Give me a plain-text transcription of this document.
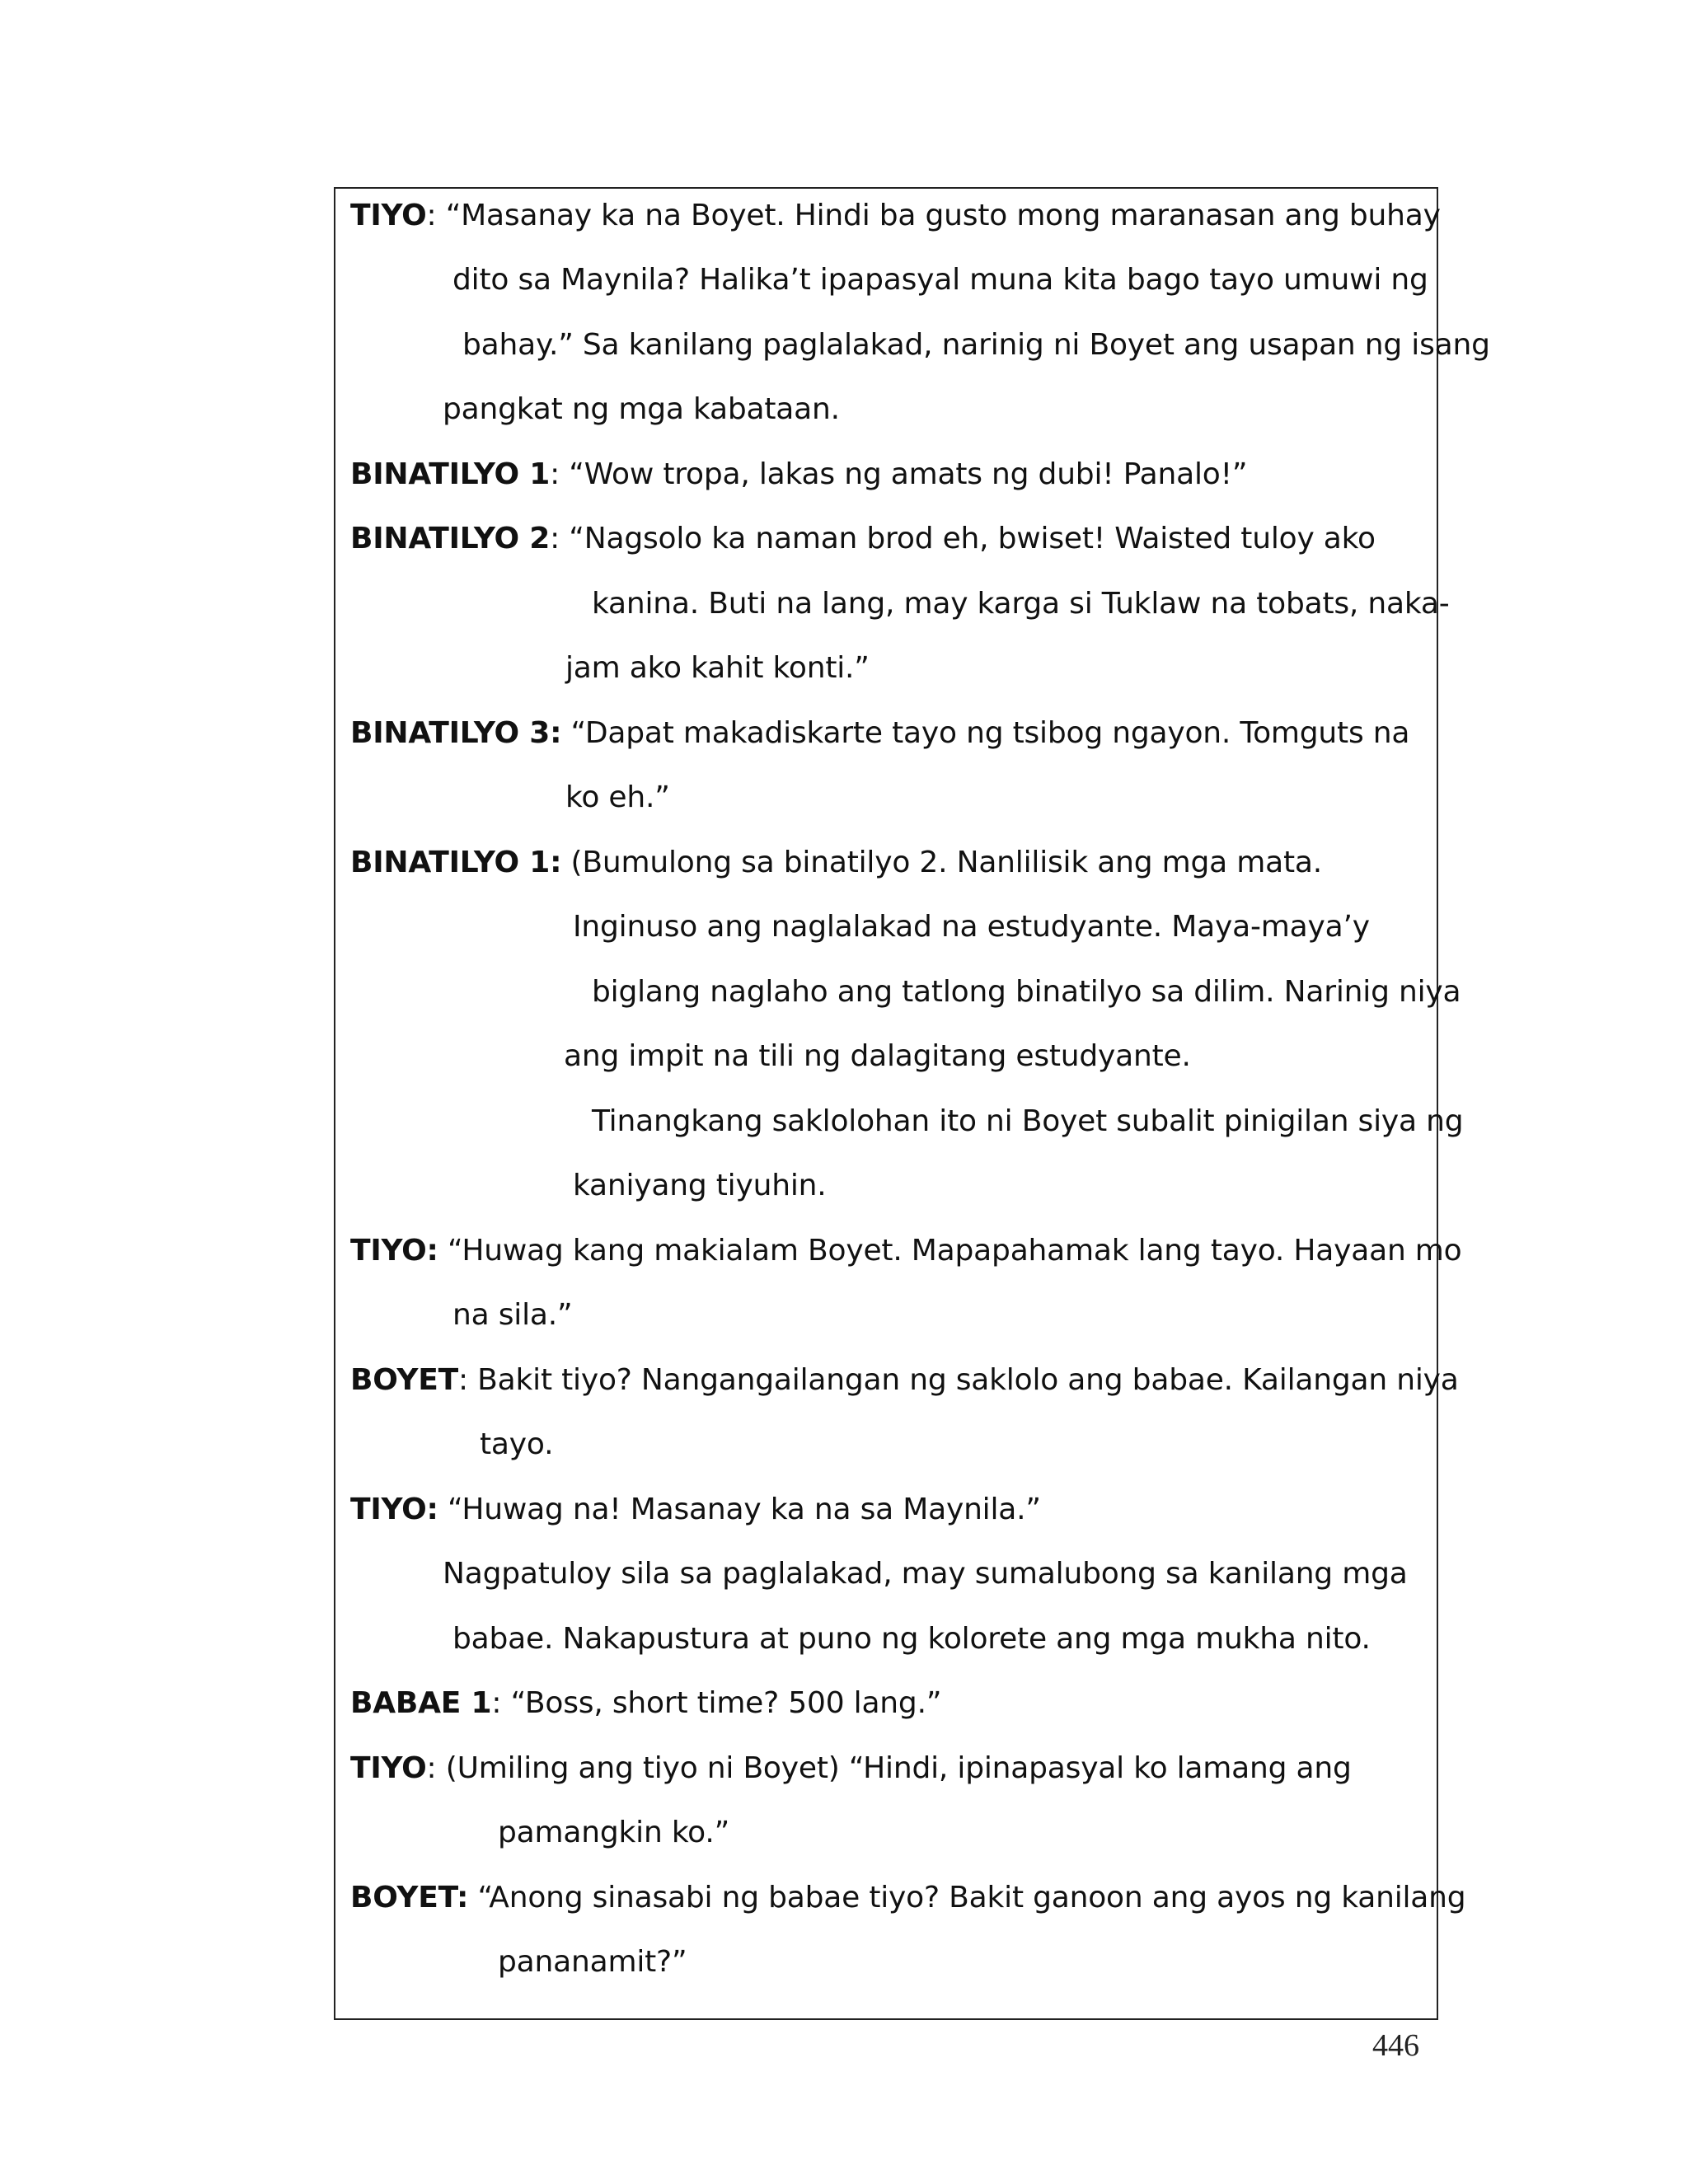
TIYO: “Masanay ka na Boyet. Hindi ba gusto mong maranasan ang buhay
dito sa Maynila? Halika’t ipapasyal muna kita bago tayo umuwi ng
bahay.” Sa kanilang paglalakad, narinig ni Boyet ang usapan ng isang
pangkat ng mga kabataan.
BINATILYO 1: “Wow tropa, lakas ng amats ng dubi! Panalo!”
BINATILYO 2: “Nagsolo ka naman brod eh, bwiset! Waisted tuloy ako
kanina. Buti na lang, may karga si Tuklaw na tobats, naka-
jam ako kahit konti.”
BINATILYO 3: “Dapat makadiskarte tayo ng tsibog ngayon. Tomguts na
ko eh.”
BINATILYO 1: (Bumulong sa binatilyo 2. Nanlilisik ang mga mata.
Inginuso ang naglalakad na estudyante. Maya-maya’y
biglang naglaho ang tatlong binatilyo sa dilim. Narinig niya
ang impit na tili ng dalagitang estudyante.
Tinangkang saklolohan ito ni Boyet subalit pinigilan siya ng
kaniyang tiyuhin.
TIYO: “Huwag kang makialam Boyet. Mapapahamak lang tayo. Hayaan mo
na sila.”
BOYET: Bakit tiyo? Nangangailangan ng saklolo ang babae. Kailangan niya
tayo.
TIYO: “Huwag na! Masanay ka na sa Maynila.”
Nagpatuloy sila sa paglalakad, may sumalubong sa kanilang mga
babae. Nakapustura at puno ng kolorete ang mga mukha nito.
BABAE 1: “Boss, short time? 500 lang.”
TIYO: (Umiling ang tiyo ni Boyet) “Hindi, ipinapasyal ko lamang ang
pamangkin ko.”
BOYET: “Anong sinasabi ng babae tiyo? Bakit ganoon ang ayos ng kanilang
pananamit?”
446
